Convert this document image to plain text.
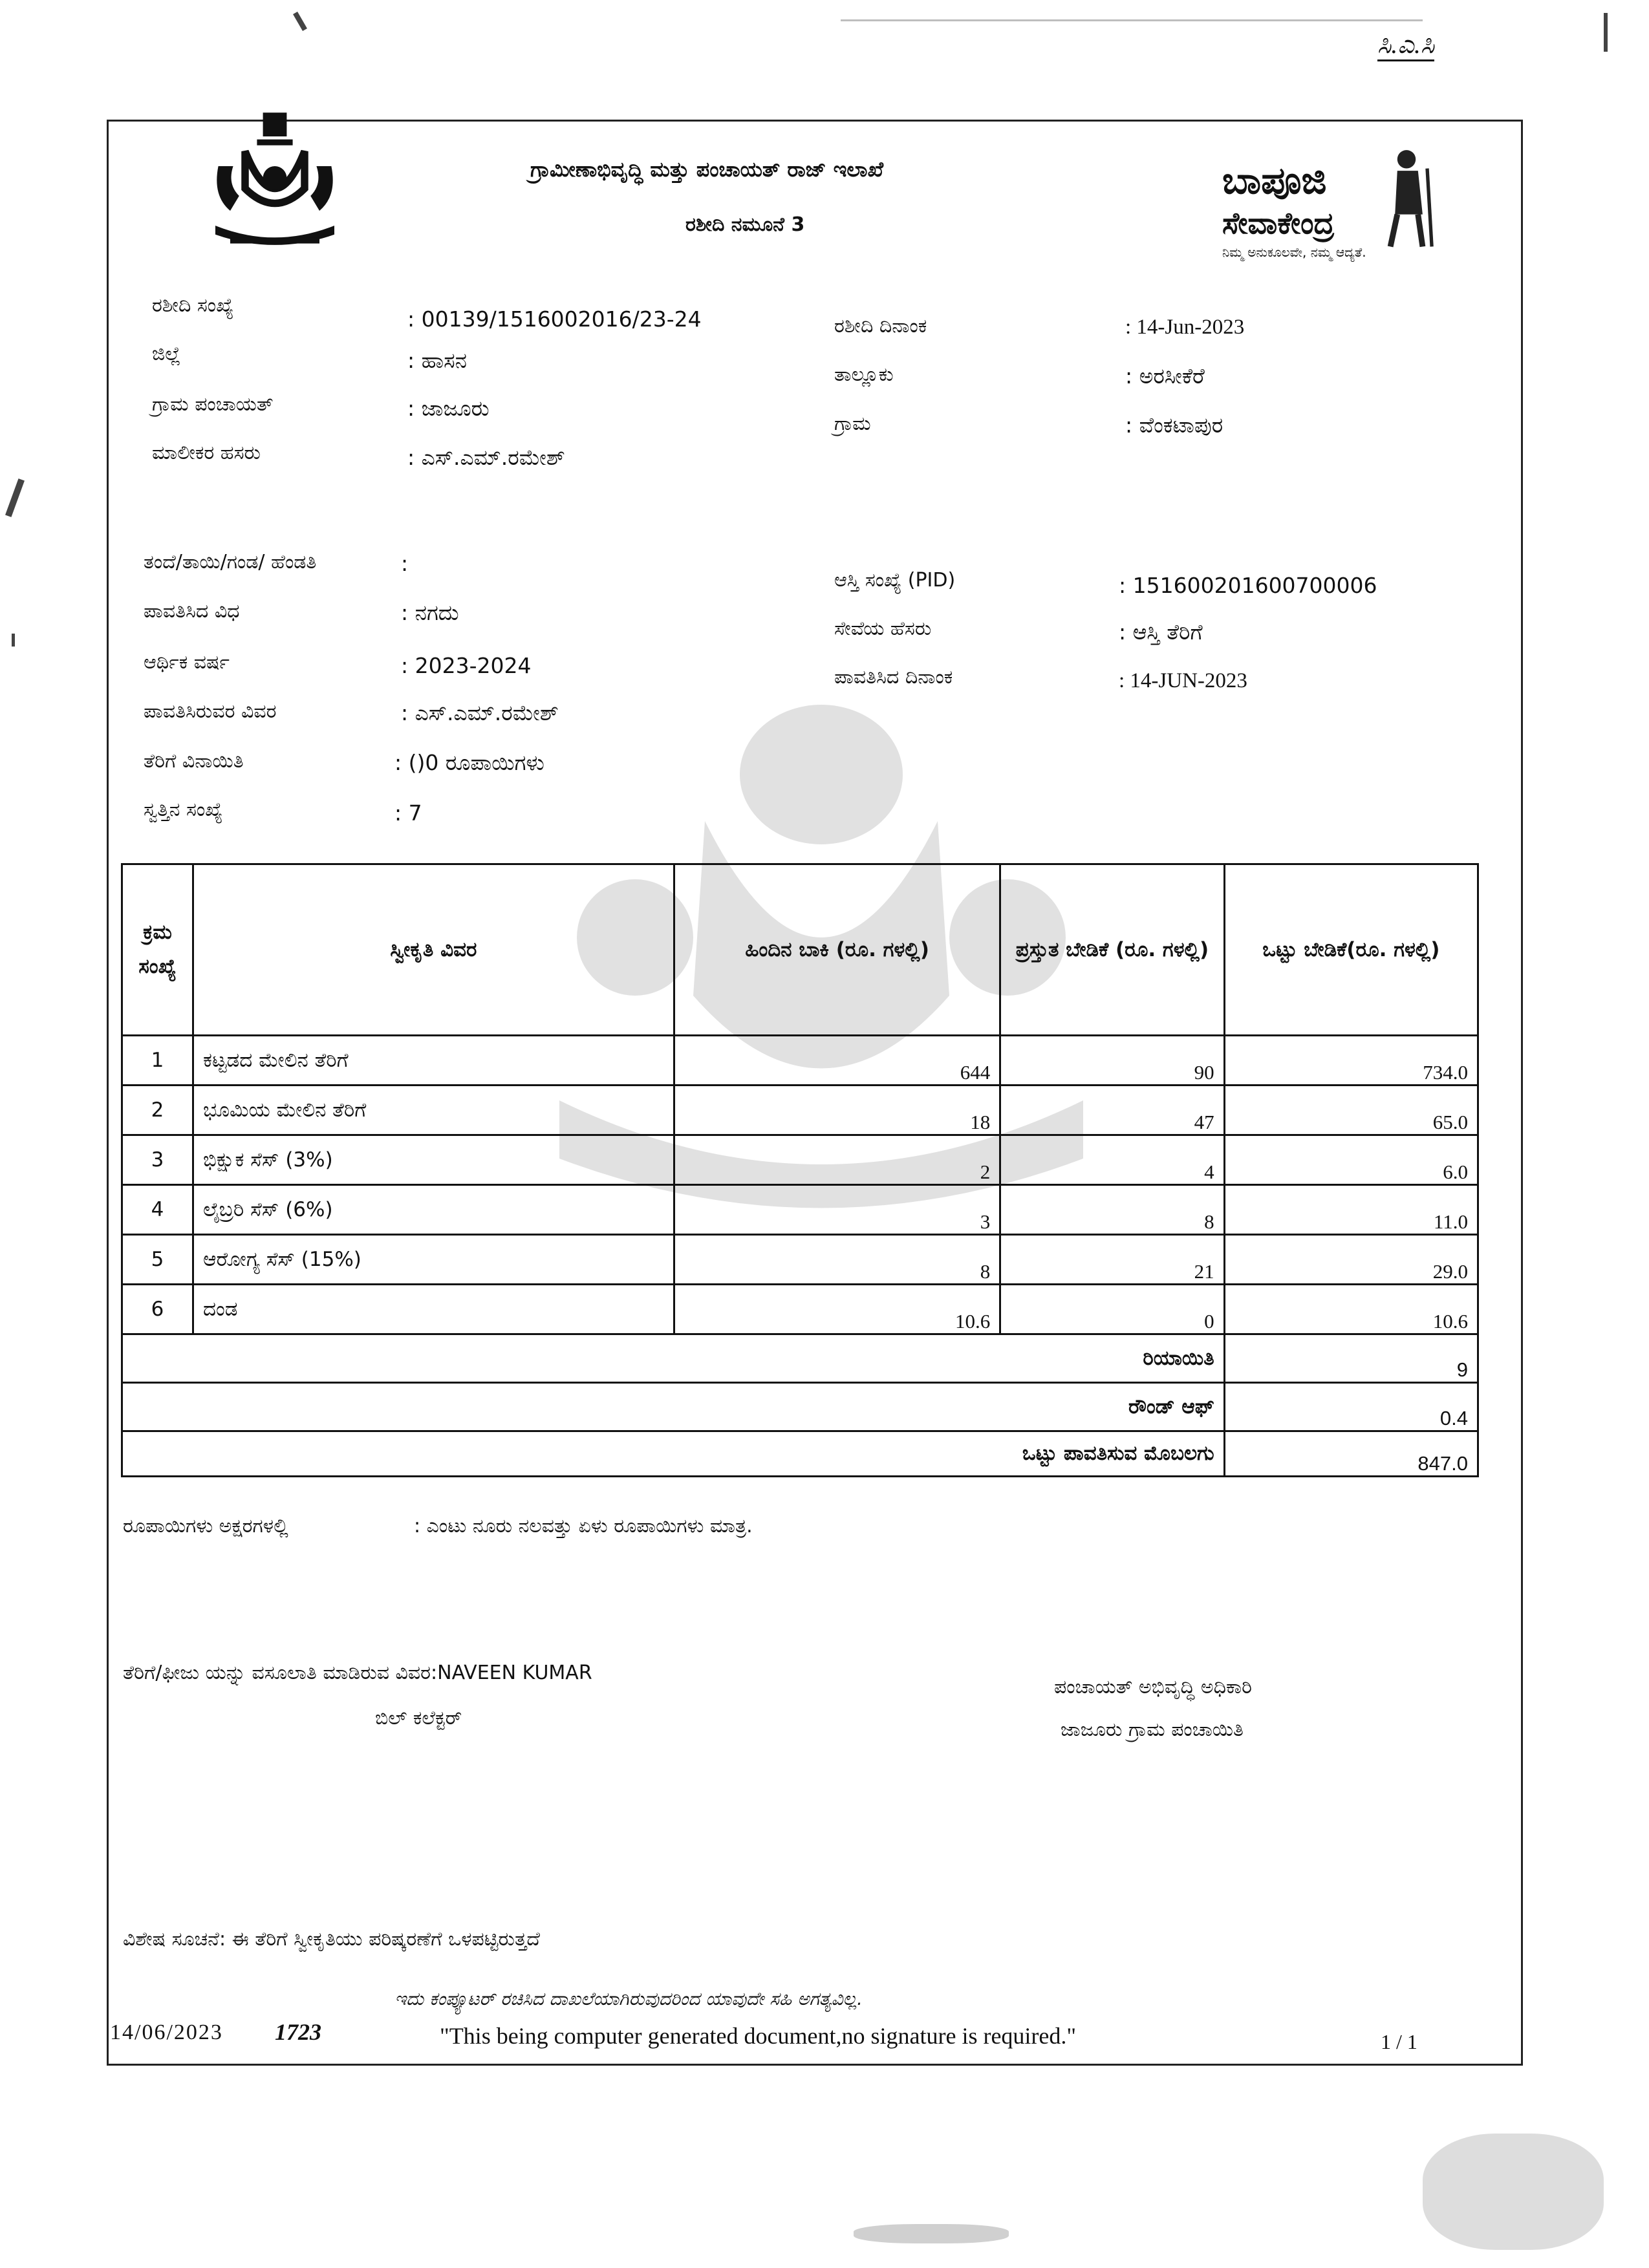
ಸಿ.ಎ.ಸಿ
ಗ್ರಾಮೀಣಾಭಿವೃದ್ಧಿ ಮತ್ತು ಪಂಚಾಯತ್ ರಾಜ್ ಇಲಾಖೆ
ರಶೀದಿ ನಮೂನೆ 3
ಬಾಪೂಜಿ
ಸೇವಾಕೇಂದ್ರ
ನಿಮ್ಮ ಅನುಕೂಲವೇ, ನಮ್ಮ ಆದ್ಯತೆ.
ರಶೀದಿ ಸಂಖ್ಯೆ
: 00139/1516002016/23-24
ಜಿಲ್ಲೆ	: ಹಾಸನ
ಗ್ರಾಮ ಪಂಚಾಯತ್	: ಜಾಜೂರು
ಮಾಲೀಕರ ಹಸರು	: ಎಸ್.ಎಮ್.ರಮೇಶ್
ರಶೀದಿ ದಿನಾಂಕ	: 14-Jun-2023
ತಾಲ್ಲೂಕು	: ಅರಸೀಕೆರೆ
ಗ್ರಾಮ	: ವೆಂಕಟಾಪುರ
ತಂದೆ/ತಾಯಿ/ಗಂಡ/ ಹೆಂಡತಿ	:
ಪಾವತಿಸಿದ ವಿಧ	: ನಗದು
ಆರ್ಥಿಕ ವರ್ಷ	: 2023-2024
ಪಾವತಿಸಿರುವರ ವಿವರ	: ಎಸ್.ಎಮ್.ರಮೇಶ್
ತೆರಿಗೆ ವಿನಾಯಿತಿ	: ()0 ರೂಪಾಯಿಗಳು
ಸ್ವತ್ತಿನ ಸಂಖ್ಯೆ	: 7
ಆಸ್ತಿ ಸಂಖ್ಯೆ (PID)	: 151600201600700006
ಸೇವೆಯ ಹೆಸರು	: ಆಸ್ತಿ ತೆರಿಗೆ
ಪಾವತಿಸಿದ ದಿನಾಂಕ	: 14-JUN-2023
ಕ್ರಮ ಸಂಖ್ಯೆ	ಸ್ವೀಕೃತಿ ವಿವರ	ಹಿಂದಿನ ಬಾಕಿ (ರೂ. ಗಳಲ್ಲಿ)	ಪ್ರಸ್ತುತ ಬೇಡಿಕೆ (ರೂ. ಗಳಲ್ಲಿ)	ಒಟ್ಟು ಬೇಡಿಕೆ(ರೂ. ಗಳಲ್ಲಿ)
1	ಕಟ್ಟಡದ ಮೇಲಿನ ತೆರಿಗೆ	644	90	734.0
2	ಭೂಮಿಯ ಮೇಲಿನ ತೆರಿಗೆ	18	47	65.0
3	ಭಿಕ್ಷುಕ ಸೆಸ್ (3%)	2	4	6.0
4	ಲೈಬ್ರರಿ ಸೆಸ್ (6%)	3	8	11.0
5	ಆರೋಗ್ಯ ಸೆಸ್ (15%)	8	21	29.0
6	ದಂಡ	10.6	0	10.6
ರಿಯಾಯಿತಿ				9
ರೌಂಡ್ ಆಫ್				0.4
ಒಟ್ಟು ಪಾವತಿಸುವ ಮೊಬಲಗು				847.0
ರೂಪಾಯಿಗಳು ಅಕ್ಷರಗಳಲ್ಲಿ	: ಎಂಟು ನೂರು ನಲವತ್ತು ಏಳು ರೂಪಾಯಿಗಳು ಮಾತ್ರ.
ತೆರಿಗೆ/ಫೀಜು ಯನ್ನು ವಸೂಲಾತಿ ಮಾಡಿರುವ ವಿವರ:NAVEEN KUMAR
ಬಿಲ್ ಕಲೆಕ್ಟರ್
ಪಂಚಾಯತ್ ಅಭಿವೃದ್ಧಿ ಅಧಿಕಾರಿ
ಜಾಜೂರು ಗ್ರಾಮ ಪಂಚಾಯಿತಿ
ವಿಶೇಷ ಸೂಚನೆ: ಈ ತೆರಿಗೆ ಸ್ವೀಕೃತಿಯು ಪರಿಷ್ಕರಣೆಗೆ ಒಳಪಟ್ಟಿರುತ್ತದೆ
ಇದು ಕಂಪ್ಯೂಟರ್ ರಚಿಸಿದ ದಾಖಲೆಯಾಗಿರುವುದರಿಂದ ಯಾವುದೇ ಸಹಿ ಅಗತ್ಯವಿಲ್ಲ.
14/06/2023 1723	"This being computer generated document,no signature is required."	1 / 1
